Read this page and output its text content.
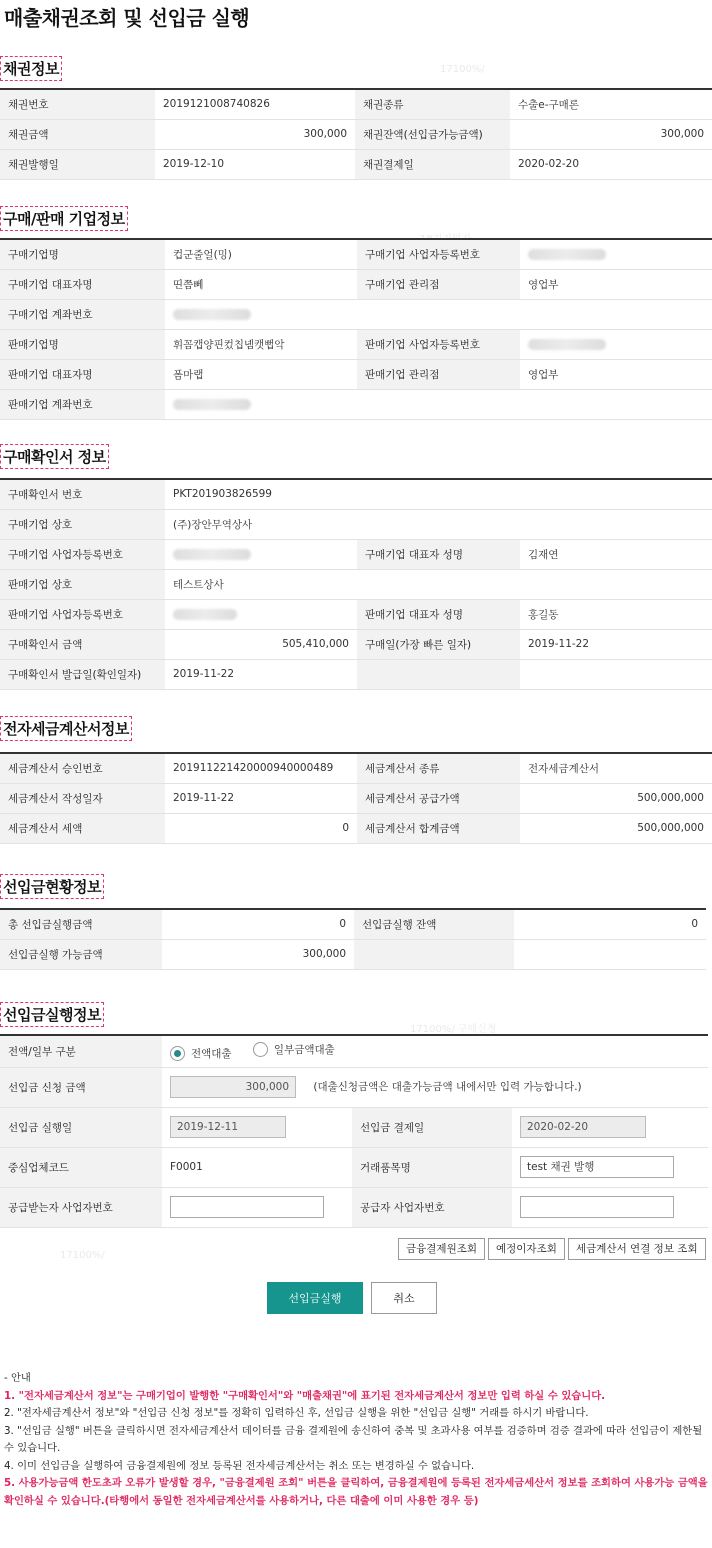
17100%/
17100%/ 구매신청
17100%/
매출채권조회 및 선입금 실행
채권정보
채권번호	2019121008740826	채권종류	수출e-구매론
채권금액	300,000	채권잔액(선입금가능금액)	300,000
채권발행일	2019-12-10	채권결제일	2020-02-20
구매/판매 기업정보
구매기업명	컵군줄얼(밍)	구매기업 사업자등록번호	
구매기업 대표자명	띤쯤뻬	구매기업 관리점	영업부
구매기업 계좌번호			
판매기업명	휘꼼캡양핀컸칩녬캣뻡악	판매기업 사업자등록번호	
판매기업 대표자명	폼마랩	판매기업 관리점	영업부
판매기업 계좌번호			
구매확인서 정보
구매확인서 번호	PKT201903826599		
구매기업 상호	(주)장안무역상사		
구매기업 사업자등록번호		구매기업 대표자 성명	김재연
판매기업 상호	테스트상사		
판매기업 사업자등록번호		판매기업 대표자 성명	홍길동
구매확인서 금액	505,410,000	구매일(가장 빠른 일자)	2019-11-22
구매확인서 발급일(확인일자)	2019-11-22		
전자세금계산서정보
세금계산서 승인번호	20191122142000094000048​9	세금계산서 종류	전자세금계산서
세금계산서 작성일자	2019-11-22	세금계산서 공급가액	500,000,000
세금계산서 세액	0	세금계산서 합계금액	500,000,000
선입금현황정보
총 선입금실행금액	0	선입금실행 잔액	0
선입금실행 가능금액	300,000		
선입금실행정보
전액/일부 구분	전액대출
일부금액대출		

선입금 신청 금액	300,000 (대출신청금액은 대출가능금액 내에서만 입력 가능합니다.)		
선입금 실행일	2019-12-11	선입금 결제일	2020-02-20
중심업체코드	F0001	거래품목명	test 채권 발행
공급받는자 사업자번호		공급자 사업자번호	
금융결제원조회	예정이자조회	세금계산서 연결 정보 조회
선입금실행	취소
- 안내
1. "전자세금계산서 정보"는 구매기업이 발행한 "구매확인서"와 "매출채권"에 표기된 전자세금계산서 정보만 입력 하실 수 있습니다.
2. "전자세금계산서 정보"와 "선입금 신청 정보"를 정확히 입력하신 후, 선입금 실행을 위한 "선입금 실행" 거래를 하시기 바랍니다.
3. "선입금 실행" 버튼을 클릭하시면 전자세금계산서 데이터를 금융 결제원에 송신하여 중복 및 초과사용 여부를 검증하며 검증 결과에 따라 선입금이 제한될 수 있습니다.
4. 이미 선입금을 실행하여 금융결제원에 정보 등록된 전자세금계산서는 취소 또는 변경하실 수 없습니다.
5. 사용가능금액 한도초과 오류가 발생할 경우, "금융결제원 조회" 버튼을 클릭하여, 금융결제원에 등록된 전자세금세산서 정보를 조회하여 사용가능 금액을 확인하실 수 있습니다.(타행에서 동일한 전자세금계산서를 사용하거나, 다른 대출에 이미 사용한 경우 등)
